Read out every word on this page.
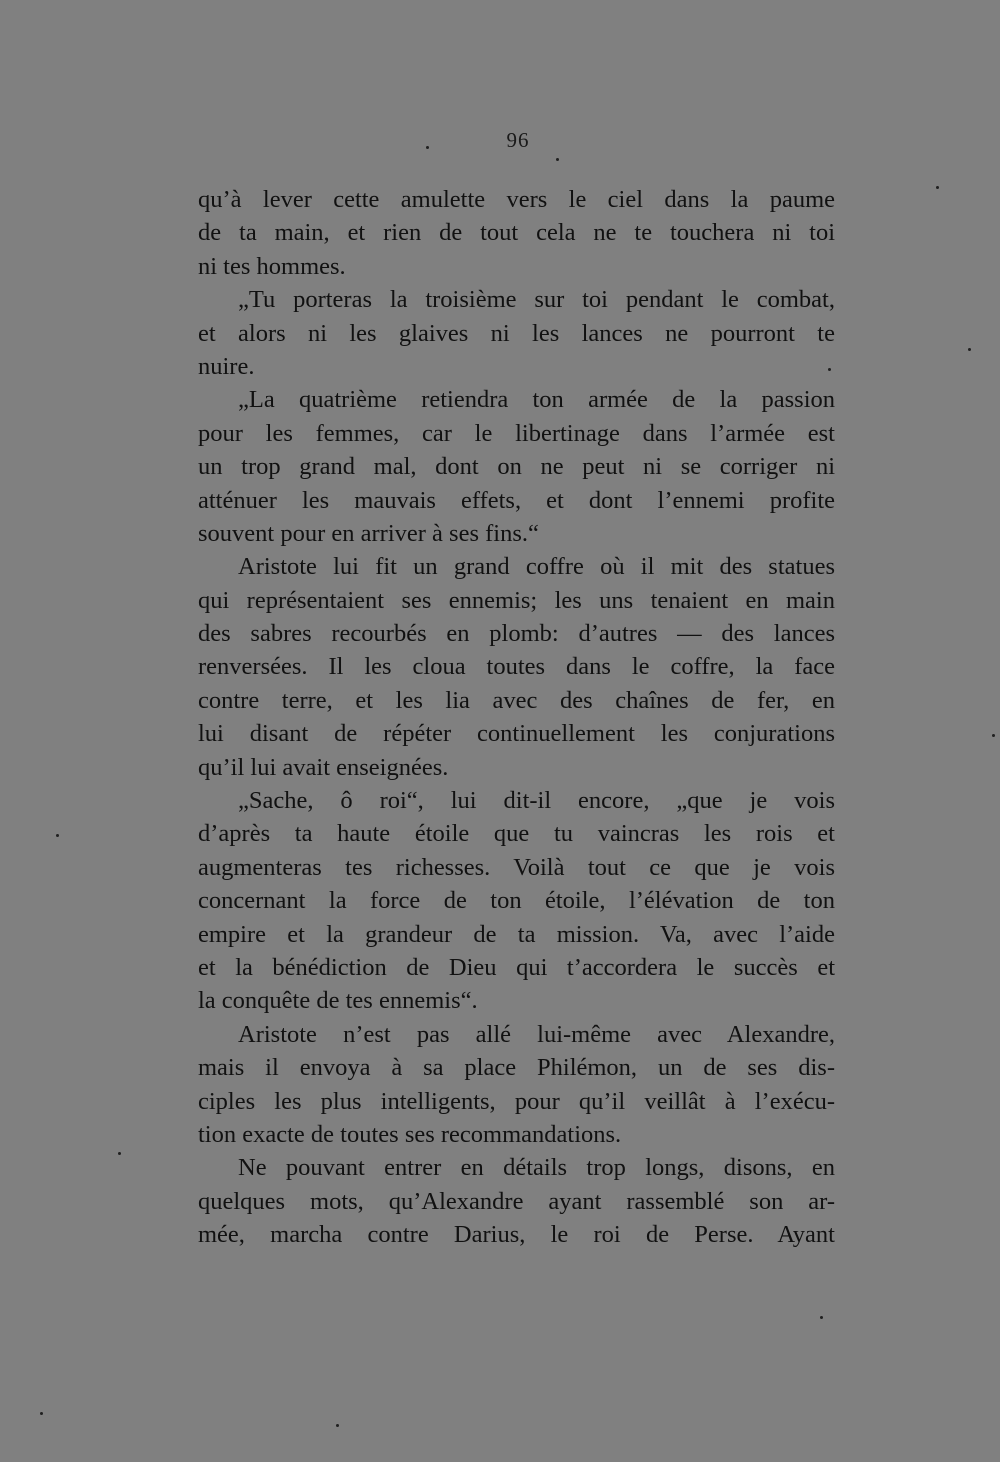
96
qu’à lever cette amulette vers le ciel dans la paume
de ta main, et rien de tout cela ne te touchera ni toi
ni tes hommes.
„Tu porteras la troisième sur toi pendant le combat,
et alors ni les glaives ni les lances ne pourront te
nuire.
„La quatrième retiendra ton armée de la passion
pour les femmes, car le libertinage dans l’armée est
un trop grand mal, dont on ne peut ni se corriger ni
atténuer les mauvais effets, et dont l’ennemi profite
souvent pour en arriver à ses fins.“
Aristote lui fit un grand coffre où il mit des statues
qui représentaient ses ennemis; les uns tenaient en main
des sabres recourbés en plomb: d’autres — des lances
renversées. Il les cloua toutes dans le coffre, la face
contre terre, et les lia avec des chaînes de fer, en
lui disant de répéter continuellement les conjurations
qu’il lui avait enseignées.
„Sache, ô roi“, lui dit-il encore, „que je vois
d’après ta haute étoile que tu vaincras les rois et
augmenteras tes richesses. Voilà tout ce que je vois
concernant la force de ton étoile, l’élévation de ton
empire et la grandeur de ta mission. Va, avec l’aide
et la bénédiction de Dieu qui t’accordera le succès et
la conquête de tes ennemis“.
Aristote n’est pas allé lui-même avec Alexandre,
mais il envoya à sa place Philémon, un de ses dis-
ciples les plus intelligents, pour qu’il veillât à l’exécu-
tion exacte de toutes ses recommandations.
Ne pouvant entrer en détails trop longs, disons, en
quelques mots, qu’Alexandre ayant rassemblé son ar-
mée, marcha contre Darius, le roi de Perse. Ayant
